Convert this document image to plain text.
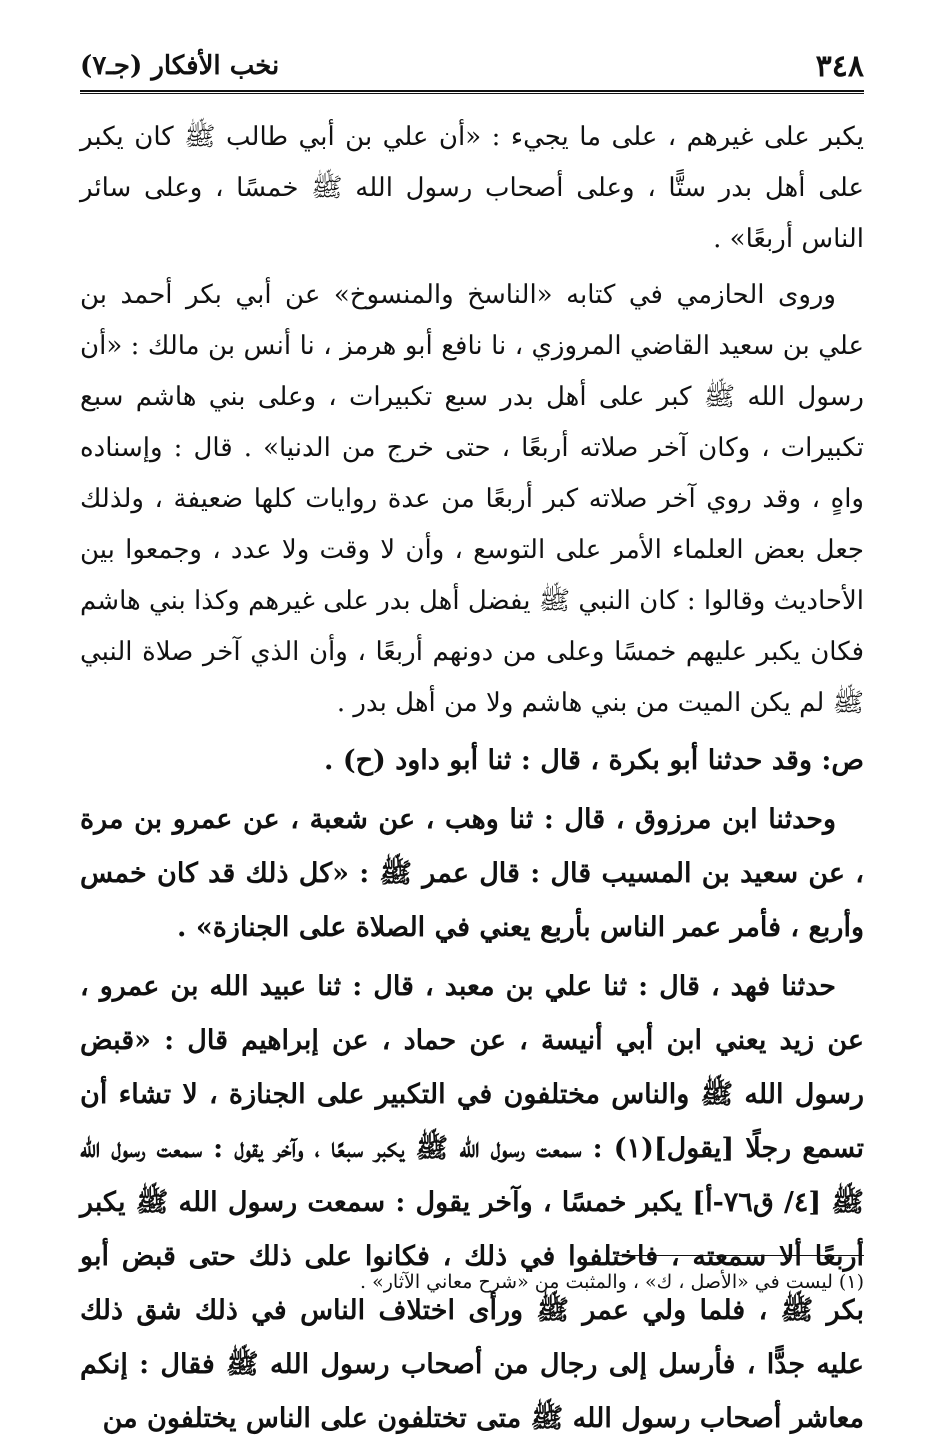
٣٤٨
نخب الأفكار (جـ٧)

يكبر على غيرهم ، على ما يجيء : «أن علي بن أبي طالب ﷺ كان يكبر على أهل بدر ستًّا ، وعلى أصحاب رسول الله ﷺ خمسًا ، وعلى سائر الناس أربعًا» .

وروى الحازمي في كتابه «الناسخ والمنسوخ» عن أبي بكر أحمد بن علي بن سعيد القاضي المروزي ، نا نافع أبو هرمز ، نا أنس بن مالك : «أن رسول الله ﷺ كبر على أهل بدر سبع تكبيرات ، وعلى بني هاشم سبع تكبيرات ، وكان آخر صلاته أربعًا ، حتى خرج من الدنيا» . قال : وإسناده واهٍ ، وقد روي آخر صلاته كبر أربعًا من عدة روايات كلها ضعيفة ، ولذلك جعل بعض العلماء الأمر على التوسع ، وأن لا وقت ولا عدد ، وجمعوا بين الأحاديث وقالوا : كان النبي ﷺ يفضل أهل بدر على غيرهم وكذا بني هاشم فكان يكبر عليهم خمسًا وعلى من دونهم أربعًا ، وأن الذي آخر صلاة النبي ﷺ لم يكن الميت من بني هاشم ولا من أهل بدر .

ص: وقد حدثنا أبو بكرة ، قال : ثنا أبو داود (ح) .

وحدثنا ابن مرزوق ، قال : ثنا وهب ، عن شعبة ، عن عمرو بن مرة ، عن سعيد بن المسيب قال : قال عمر ﷺ : «كل ذلك قد كان خمس وأربع ، فأمر عمر الناس بأربع يعني في الصلاة على الجنازة» .

حدثنا فهد ، قال : ثنا علي بن معبد ، قال : ثنا عبيد الله بن عمرو ، عن زيد يعني ابن أبي أنيسة ، عن حماد ، عن إبراهيم قال : «قبض رسول الله ﷺ والناس مختلفون في التكبير على الجنازة ، لا تشاء أن تسمع رجلًا [يقول](١) : سمعت رسول الله ﷺ يكبر سبعًا ، وآخر يقول : سمعت رسول الله ﷺ [٤/ ق٧٦-أ] يكبر خمسًا ، وآخر يقول : سمعت رسول الله ﷺ يكبر أربعًا ألا سمعته ، فاختلفوا في ذلك ، فكانوا على ذلك حتى قبض أبو بكر ﷺ ، فلما ولي عمر ﷺ ورأى اختلاف الناس في ذلك شق ذلك عليه جدًّا ، فأرسل إلى رجال من أصحاب رسول الله ﷺ فقال : إنكم معاشر أصحاب رسول الله ﷺ متى تختلفون على الناس يختلفون من

(١) ليست في «الأصل ، ك» ، والمثبت من «شرح معاني الآثار» .
